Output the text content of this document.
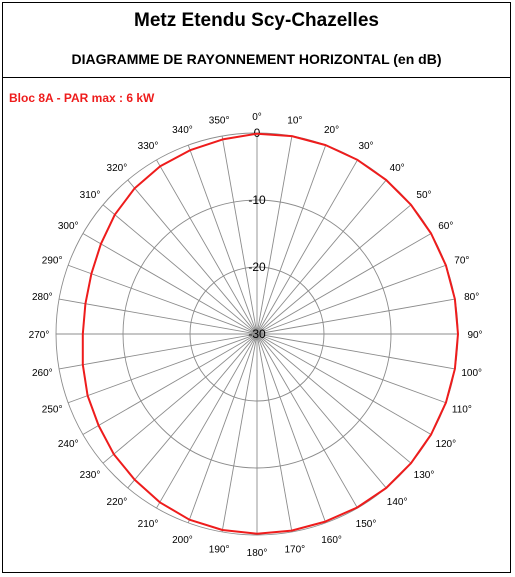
Metz Etendu Scy-Chazelles
DIAGRAMME DE RAYONNEMENT HORIZONTAL (en dB)
Bloc 8A - PAR max : 6 kW
0°	10°
20°
30°
40°
50°
60°
70°
80°
90°
100°
110°
120°
130°
140°
150°
160°
170°
180°
190°
200°
210°
220°
230°
240°
250°
260°
270°
280°
290°
300°
310°
320°
330°
340°
350°
0
-10
-20
-30
